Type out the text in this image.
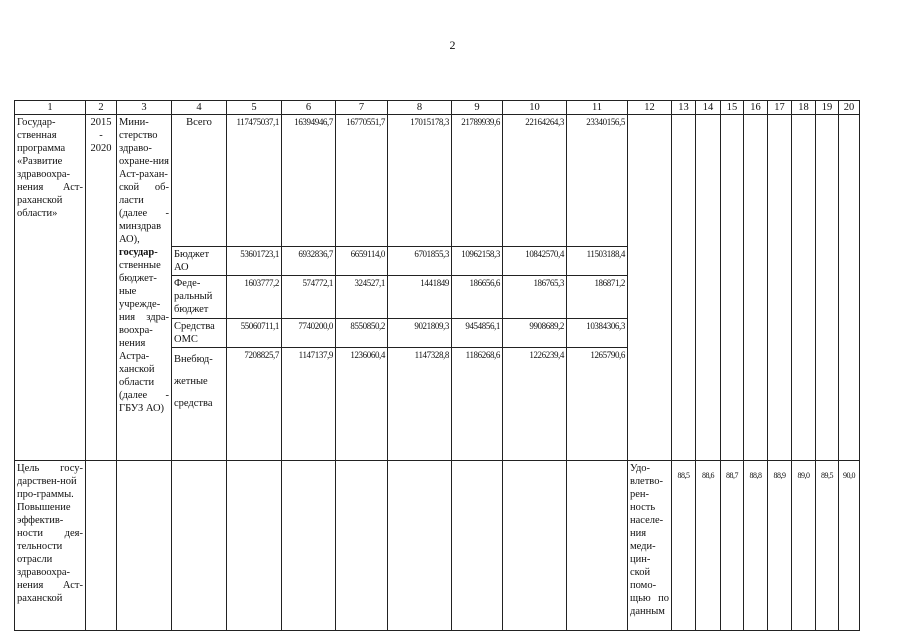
2
1	2	3	4	5	6	7	8	9	10	11	12	13	14	15	16	17	18	19	20
Государ-ственная программа «Развитие здравоохра-нения Аст-раханской области»	2015 - 2020	Мини-стерство здраво-охране-ния Аст-рахан-ской об-ласти (далее - минздрав АО),
государ-
ственные бюджет-ные учрежде-ния здра-воохра-нения Астра-ханской области (далее - ГБУЗ АО)	Всего	117475037,1	16394946,7	16770551,7	17015178,3	21789939,6	22164264,3	23340156,5									
			Бюджет АО	53601723,1	6932836,7	6659114,0	6701855,3	10962158,3	10842570,4	11503188,4									
			Феде-ральный бюджет	1603777,2	574772,1	324527,1	1441849	186656,6	186765,3	186871,2									
			Средства ОМС	55060711,1	7740200,0	8550850,2	9021809,3	9454856,1	9908689,2	10384306,3									
			Внебюд-жетные средства	7208825,7	1147137,9	1236060,4	1147328,8	1186268,6	1226239,4	1265790,6									
Цель госу-дарствен-ной про-граммы. Повышение эффектив-ности дея-тельности отрасли здравоохра-нения Аст-раханской											Удо-влетво-рен-ность населе-ния меди-цин-ской помо-щью по данным	88,5	88,6	88,7	88,8	88,9	89,0	89,5	90,0
